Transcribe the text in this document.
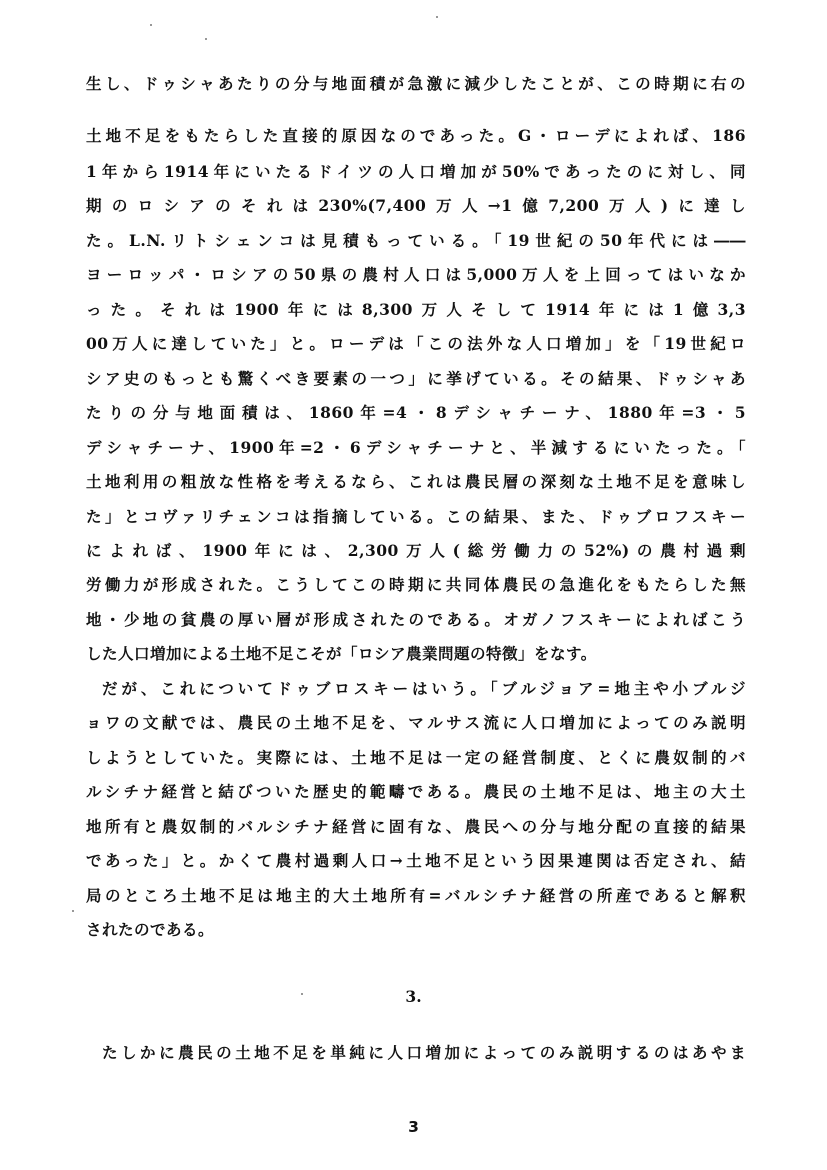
生し、ドゥシャあたりの分与地面積が急激に減少したことが、この時期に右の
土地不足をもたらした直接的原因なのであった。G・ローデによれば、186
1年から1914年にいたるドイツの人口増加が50%であったのに対し、同
期のロシアのそれは230%(7,400万人→1億7,200万人)に達し
た。L.N.リトシェンコは見積もっている。「19世紀の50年代には――
ヨーロッパ・ロシアの50県の農村人口は5,000万人を上回ってはいなか
った。それは1900年には8,300万人そして1914年には1億3,3
00万人に達していた」と。ローデは「この法外な人口増加」を「19世紀ロ
シア史のもっとも驚くべき要素の一つ」に挙げている。その結果、ドゥシャあ
たりの分与地面積は、1860年=4・8デシャチーナ、1880年=3・5
デシャチーナ、1900年=2・6デシャチーナと、半減するにいたった。「
土地利用の粗放な性格を考えるなら、これは農民層の深刻な土地不足を意味し
た」とコヴァリチェンコは指摘している。この結果、また、ドゥブロフスキー
によれば、1900年には、2,300万人(総労働力の52%)の農村過剰
労働力が形成された。こうしてこの時期に共同体農民の急進化をもたらした無
地・少地の貧農の厚い層が形成されたのである。オガノフスキーによればこう
した人口増加による土地不足こそが「ロシア農業問題の特徴」をなす。
だが、これについてドゥブロスキーはいう。「ブルジョア=地主や小ブルジ
ョワの文献では、農民の土地不足を、マルサス流に人口増加によってのみ説明
しようとしていた。実際には、土地不足は一定の経営制度、とくに農奴制的バ
ルシチナ経営と結びついた歴史的範疇である。農民の土地不足は、地主の大土
地所有と農奴制的バルシチナ経営に固有な、農民への分与地分配の直接的結果
であった」と。かくて農村過剰人口→土地不足という因果連関は否定され、結
局のところ土地不足は地主的大土地所有=バルシチナ経営の所産であると解釈
されたのである。
3.
たしかに農民の土地不足を単純に人口増加によってのみ説明するのはあやま
3
